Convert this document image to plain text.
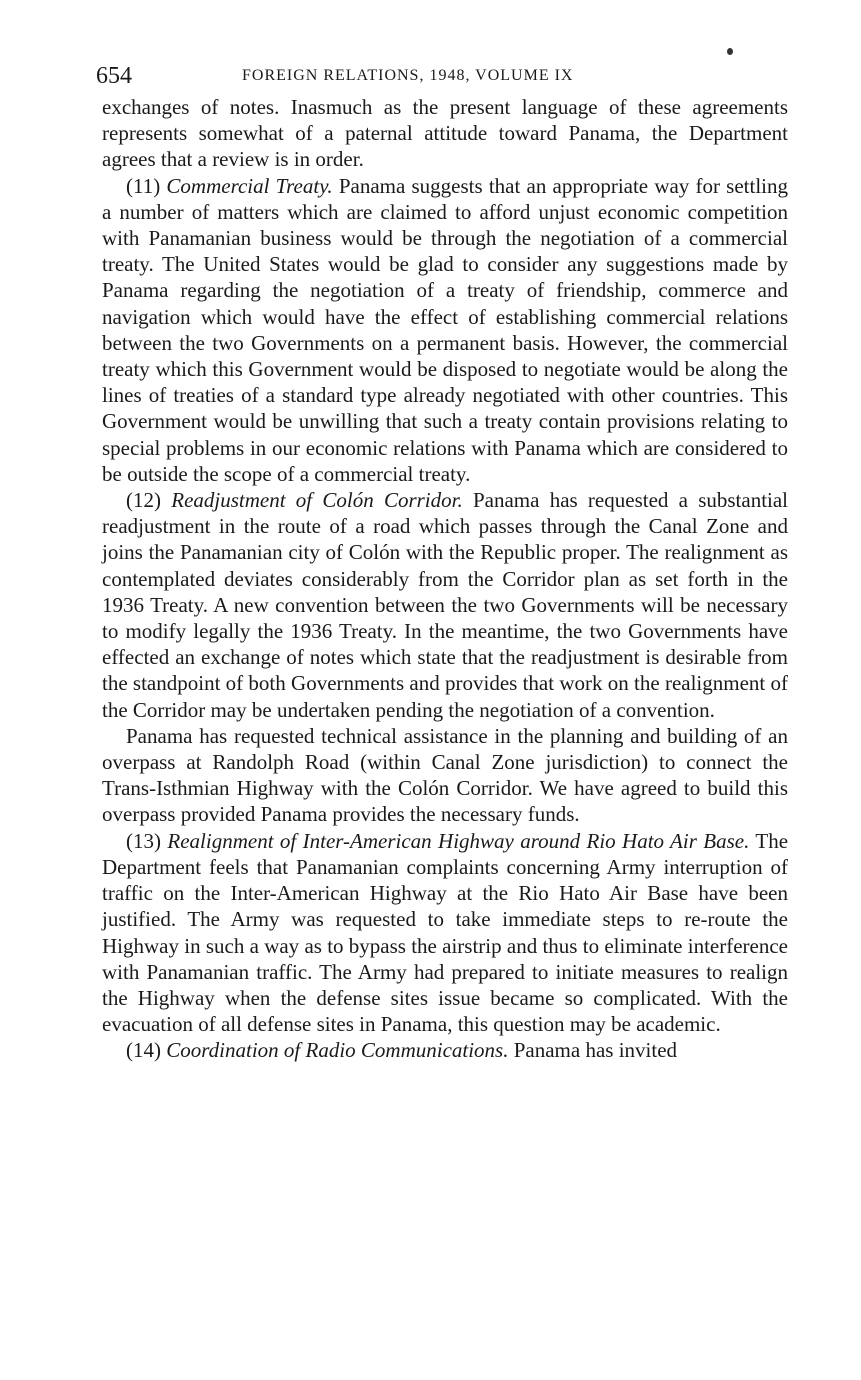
654	FOREIGN RELATIONS, 1948, VOLUME IX

exchanges of notes. Inasmuch as the present language of these agreements represents somewhat of a paternal attitude toward Panama, the Department agrees that a review is in order.

(11) Commercial Treaty. Panama suggests that an appropriate way for settling a number of matters which are claimed to afford unjust economic competition with Panamanian business would be through the negotiation of a commercial treaty. The United States would be glad to consider any suggestions made by Panama regarding the negotiation of a treaty of friendship, commerce and navigation which would have the effect of establishing commercial relations between the two Governments on a permanent basis. However, the commercial treaty which this Government would be disposed to negotiate would be along the lines of treaties of a standard type already negotiated with other countries. This Government would be unwilling that such a treaty contain provisions relating to special problems in our economic relations with Panama which are considered to be outside the scope of a commercial treaty.

(12) Readjustment of Colón Corridor. Panama has requested a substantial readjustment in the route of a road which passes through the Canal Zone and joins the Panamanian city of Colón with the Republic proper. The realignment as contemplated deviates considerably from the Corridor plan as set forth in the 1936 Treaty. A new convention between the two Governments will be necessary to modify legally the 1936 Treaty. In the meantime, the two Governments have effected an exchange of notes which state that the readjustment is desirable from the standpoint of both Governments and provides that work on the realignment of the Corridor may be undertaken pending the negotiation of a convention.

Panama has requested technical assistance in the planning and building of an overpass at Randolph Road (within Canal Zone jurisdiction) to connect the Trans-Isthmian Highway with the Colón Corridor. We have agreed to build this overpass provided Panama provides the necessary funds.

(13) Realignment of Inter-American Highway around Rio Hato Air Base. The Department feels that Panamanian complaints concerning Army interruption of traffic on the Inter-American Highway at the Rio Hato Air Base have been justified. The Army was requested to take immediate steps to re-route the Highway in such a way as to bypass the airstrip and thus to eliminate interference with Panamanian traffic. The Army had prepared to initiate measures to realign the Highway when the defense sites issue became so complicated. With the evacuation of all defense sites in Panama, this question may be academic.

(14) Coordination of Radio Communications. Panama has invited
